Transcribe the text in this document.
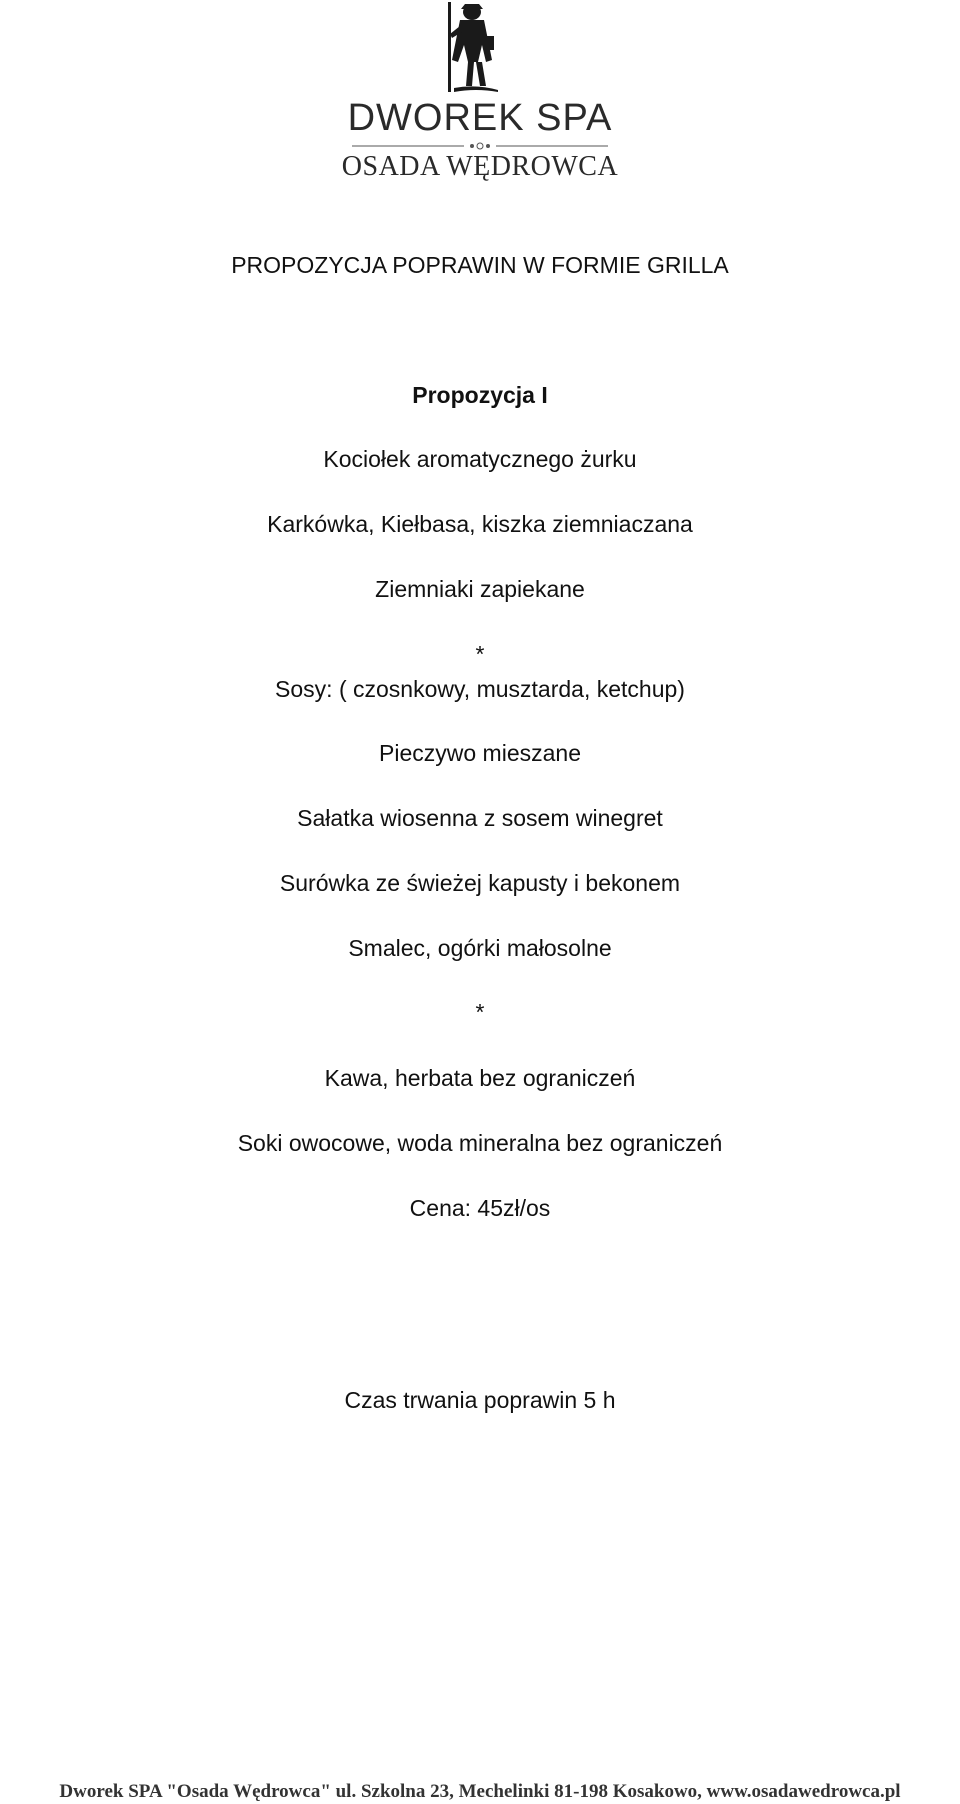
DWOREK SPA
OSADA WĘDROWCA
PROPOZYCJA POPRAWIN W FORMIE GRILLA
Propozycja I
Kociołek aromatycznego żurku
Karkówka, Kiełbasa, kiszka ziemniaczana
Ziemniaki zapiekane
*
Sosy: ( czosnkowy, musztarda, ketchup)
Pieczywo mieszane
Sałatka wiosenna z sosem winegret
Surówka ze świeżej kapusty i bekonem
Smalec, ogórki małosolne
*
Kawa, herbata bez ograniczeń
Soki owocowe, woda mineralna bez ograniczeń
Cena: 45zł/os
Czas trwania poprawin 5 h
Dworek SPA "Osada Wędrowca" ul. Szkolna 23, Mechelinki 81-198 Kosakowo, www.osadawedrowca.pl
